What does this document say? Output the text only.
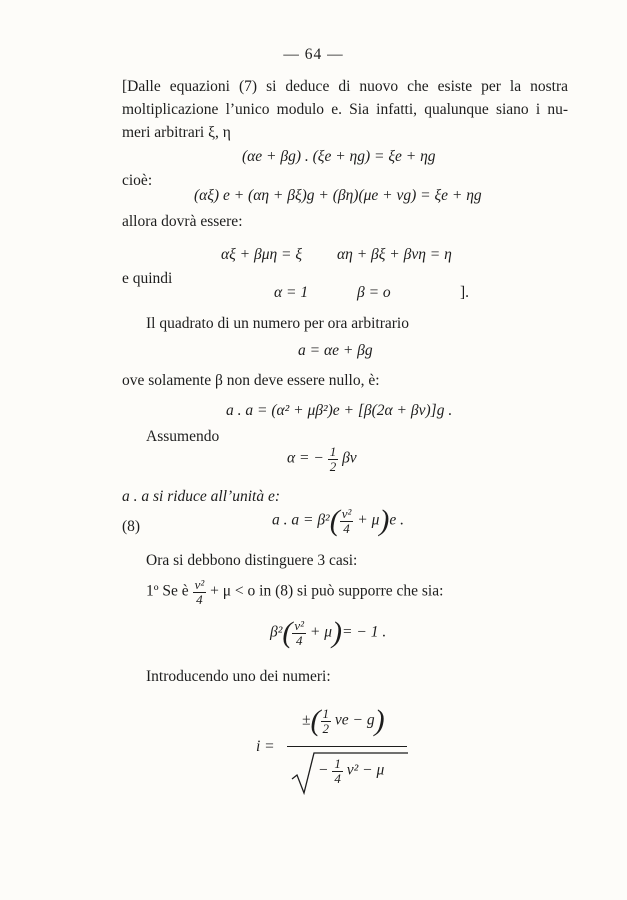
— 64 —
[Dalle equazioni (7) si deduce di nuovo che esiste per la nostra
moltiplicazione l’unico modulo e. Sia infatti, qualunque siano i nu-
meri arbitrari ξ, η
(αe + βg) . (ξe + ηg) = ξe + ηg
cioè:
(αξ) e + (αη + βξ)g + (βη)(μe + νg) = ξe + ηg
allora dovrà essere:
αξ + βμη = ξ αη + βξ + βνη = η
e quindi
α = 1	β = o	].
Il quadrato di un numero per ora arbitrario
a = αe + βg
ove solamente β non deve essere nullo, è:
a . a = (α² + μβ²)e + [β(2α + βν)]g .
Assumendo
α = − $\frac{1}{2}$ βν
a . a si riduce all’unità e:
(8)	a . $a = \beta^2( \frac{\text{ν²}}{4} + \mu)e$ .
Ora si debbono distinguere 3 casi:
1º Se è $\frac{\text{ν²}}{4} + \mu < o$ in (8) si può supporre che sia:
$\beta^2( \frac{\text{ν²}}{4} + \mu)= - 1$ .
Introducendo uno dei numeri:
i =
±( $\frac{1}{2}$ νe − g)
− $\frac{1}{4} \nu^2 - \mu$
